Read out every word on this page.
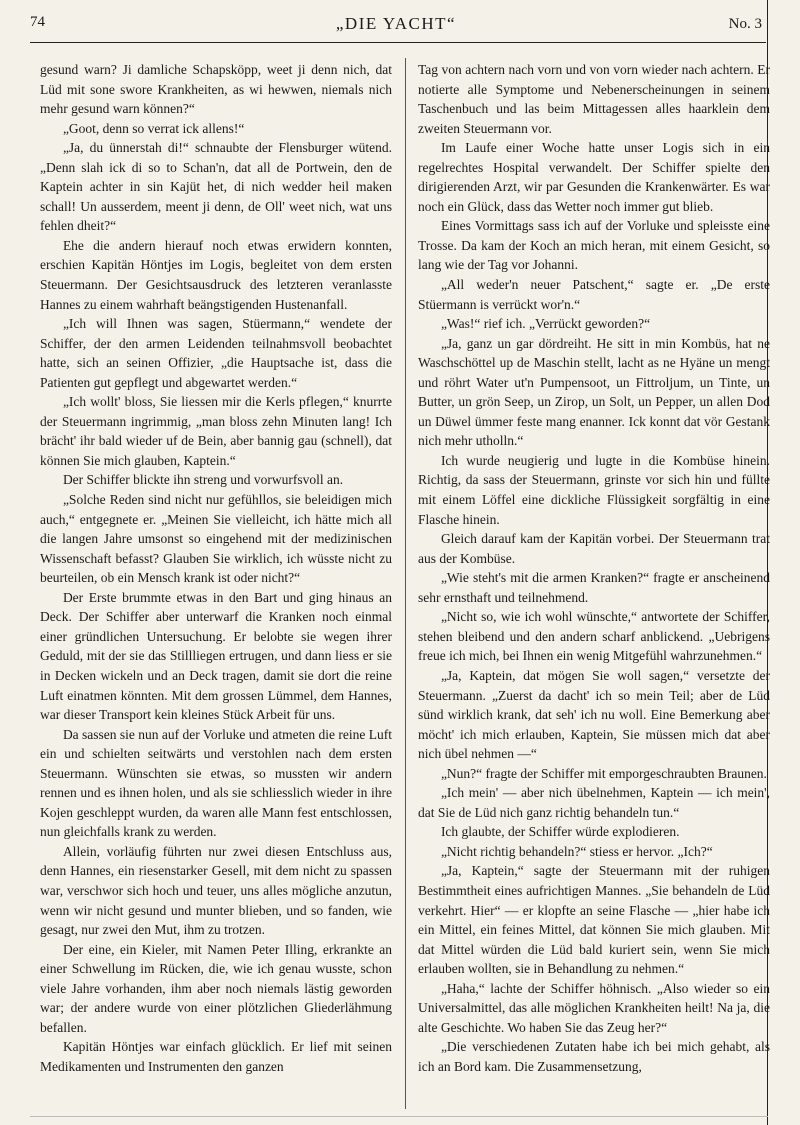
74	„DIE YACHT“	No. 3

gesund warn? Ji damliche Schapsköpp, weet ji denn nich, dat Lüd mit sone swore Krankheiten, as wi hewwen, niemals nich mehr gesund warn können?“

„Goot, denn so verrat ick allens!“

„Ja, du ünnerstah di!“ schnaubte der Flensburger wütend. „Denn slah ick di so to Schan'n, dat all de Portwein, den de Kaptein achter in sin Kajüt het, di nich wedder heil maken schall! Un ausserdem, meent ji denn, de Oll' weet nich, wat uns fehlen dheit?“

Ehe die andern hierauf noch etwas erwidern konnten, erschien Kapitän Höntjes im Logis, begleitet von dem ersten Steuermann. Der Gesichtsausdruck des letzteren veranlasste Hannes zu einem wahrhaft beängstigenden Hustenanfall.

„Ich will Ihnen was sagen, Stüermann,“ wendete der Schiffer, der den armen Leidenden teilnahmsvoll beobachtet hatte, sich an seinen Offizier, „die Hauptsache ist, dass die Patienten gut gepflegt und abgewartet werden.“

„Ich wollt' bloss, Sie liessen mir die Kerls pflegen,“ knurrte der Steuermann ingrimmig, „man bloss zehn Minuten lang! Ich brächt' ihr bald wieder uf de Bein, aber bannig gau (schnell), dat können Sie mich glauben, Kaptein.“

Der Schiffer blickte ihn streng und vorwurfsvoll an.

„Solche Reden sind nicht nur gefühllos, sie beleidigen mich auch,“ entgegnete er. „Meinen Sie vielleicht, ich hätte mich all die langen Jahre umsonst so eingehend mit der medizinischen Wissenschaft befasst? Glauben Sie wirklich, ich wüsste nicht zu beurteilen, ob ein Mensch krank ist oder nicht?“

Der Erste brummte etwas in den Bart und ging hinaus an Deck. Der Schiffer aber unterwarf die Kranken noch einmal einer gründlichen Untersuchung. Er belobte sie wegen ihrer Geduld, mit der sie das Stillliegen ertrugen, und dann liess er sie in Decken wickeln und an Deck tragen, damit sie dort die reine Luft einatmen könnten. Mit dem grossen Lümmel, dem Hannes, war dieser Transport kein kleines Stück Arbeit für uns.

Da sassen sie nun auf der Vorluke und atmeten die reine Luft ein und schielten seitwärts und verstohlen nach dem ersten Steuermann. Wünschten sie etwas, so mussten wir andern rennen und es ihnen holen, und als sie schliesslich wieder in ihre Kojen geschleppt wurden, da waren alle Mann fest entschlossen, nun gleichfalls krank zu werden.

Allein, vorläufig führten nur zwei diesen Entschluss aus, denn Hannes, ein riesenstarker Gesell, mit dem nicht zu spassen war, verschwor sich hoch und teuer, uns alles mögliche anzutun, wenn wir nicht gesund und munter blieben, und so fanden, wie gesagt, nur zwei den Mut, ihm zu trotzen.

Der eine, ein Kieler, mit Namen Peter Illing, erkrankte an einer Schwellung im Rücken, die, wie ich genau wusste, schon viele Jahre vorhanden, ihm aber noch niemals lästig geworden war; der andere wurde von einer plötzlichen Gliederlähmung befallen.

Kapitän Höntjes war einfach glücklich. Er lief mit seinen Medikamenten und Instrumenten den ganzen

Tag von achtern nach vorn und von vorn wieder nach achtern. Er notierte alle Symptome und Nebenerscheinungen in seinem Taschenbuch und las beim Mittagessen alles haarklein dem zweiten Steuermann vor.

Im Laufe einer Woche hatte unser Logis sich in ein regelrechtes Hospital verwandelt. Der Schiffer spielte den dirigierenden Arzt, wir par Gesunden die Krankenwärter. Es war noch ein Glück, dass das Wetter noch immer gut blieb.

Eines Vormittags sass ich auf der Vorluke und spleisste eine Trosse. Da kam der Koch an mich heran, mit einem Gesicht, so lang wie der Tag vor Johanni.

„All weder'n neuer Patschent,“ sagte er. „De erste Stüermann is verrückt wor'n.“

„Was!“ rief ich. „Verrückt geworden?“

„Ja, ganz un gar dördreiht. He sitt in min Kombüs, hat ne Waschschöttel up de Maschin stellt, lacht as ne Hyäne un mengt und röhrt Water ut'n Pumpensoot, un Fittroljum, un Tinte, un Butter, un grön Seep, un Zirop, un Solt, un Pepper, un allen Dod un Düwel ümmer feste mang enanner. Ick konnt dat vör Gestank nich mehr utholln.“

Ich wurde neugierig und lugte in die Kombüse hinein. Richtig, da sass der Steuermann, grinste vor sich hin und füllte mit einem Löffel eine dickliche Flüssigkeit sorgfältig in eine Flasche hinein.

Gleich darauf kam der Kapitän vorbei. Der Steuermann trat aus der Kombüse.

„Wie steht's mit die armen Kranken?“ fragte er anscheinend sehr ernsthaft und teilnehmend.

„Nicht so, wie ich wohl wünschte,“ antwortete der Schiffer, stehen bleibend und den andern scharf anblickend. „Uebrigens freue ich mich, bei Ihnen ein wenig Mitgefühl wahrzunehmen.“

„Ja, Kaptein, dat mögen Sie woll sagen,“ versetzte der Steuermann. „Zuerst da dacht' ich so mein Teil; aber de Lüd sünd wirklich krank, dat seh' ich nu woll. Eine Bemerkung aber möcht' ich mich erlauben, Kaptein, Sie müssen mich dat aber nich übel nehmen —“

„Nun?“ fragte der Schiffer mit emporgeschraubten Braunen.

„Ich mein' — aber nich übelnehmen, Kaptein — ich mein', dat Sie de Lüd nich ganz richtig behandeln tun.“

Ich glaubte, der Schiffer würde explodieren.

„Nicht richtig behandeln?“ stiess er hervor. „Ich?“

„Ja, Kaptein,“ sagte der Steuermann mit der ruhigen Bestimmtheit eines aufrichtigen Mannes. „Sie behandeln de Lüd verkehrt. Hier“ — er klopfte an seine Flasche — „hier habe ich ein Mittel, ein feines Mittel, dat können Sie mich glauben. Mit dat Mittel würden die Lüd bald kuriert sein, wenn Sie mich erlauben wollten, sie in Behandlung zu nehmen.“

„Haha,“ lachte der Schiffer höhnisch. „Also wieder so ein Universalmittel, das alle möglichen Krankheiten heilt! Na ja, die alte Geschichte. Wo haben Sie das Zeug her?“

„Die verschiedenen Zutaten habe ich bei mich gehabt, als ich an Bord kam. Die Zusammensetzung,
